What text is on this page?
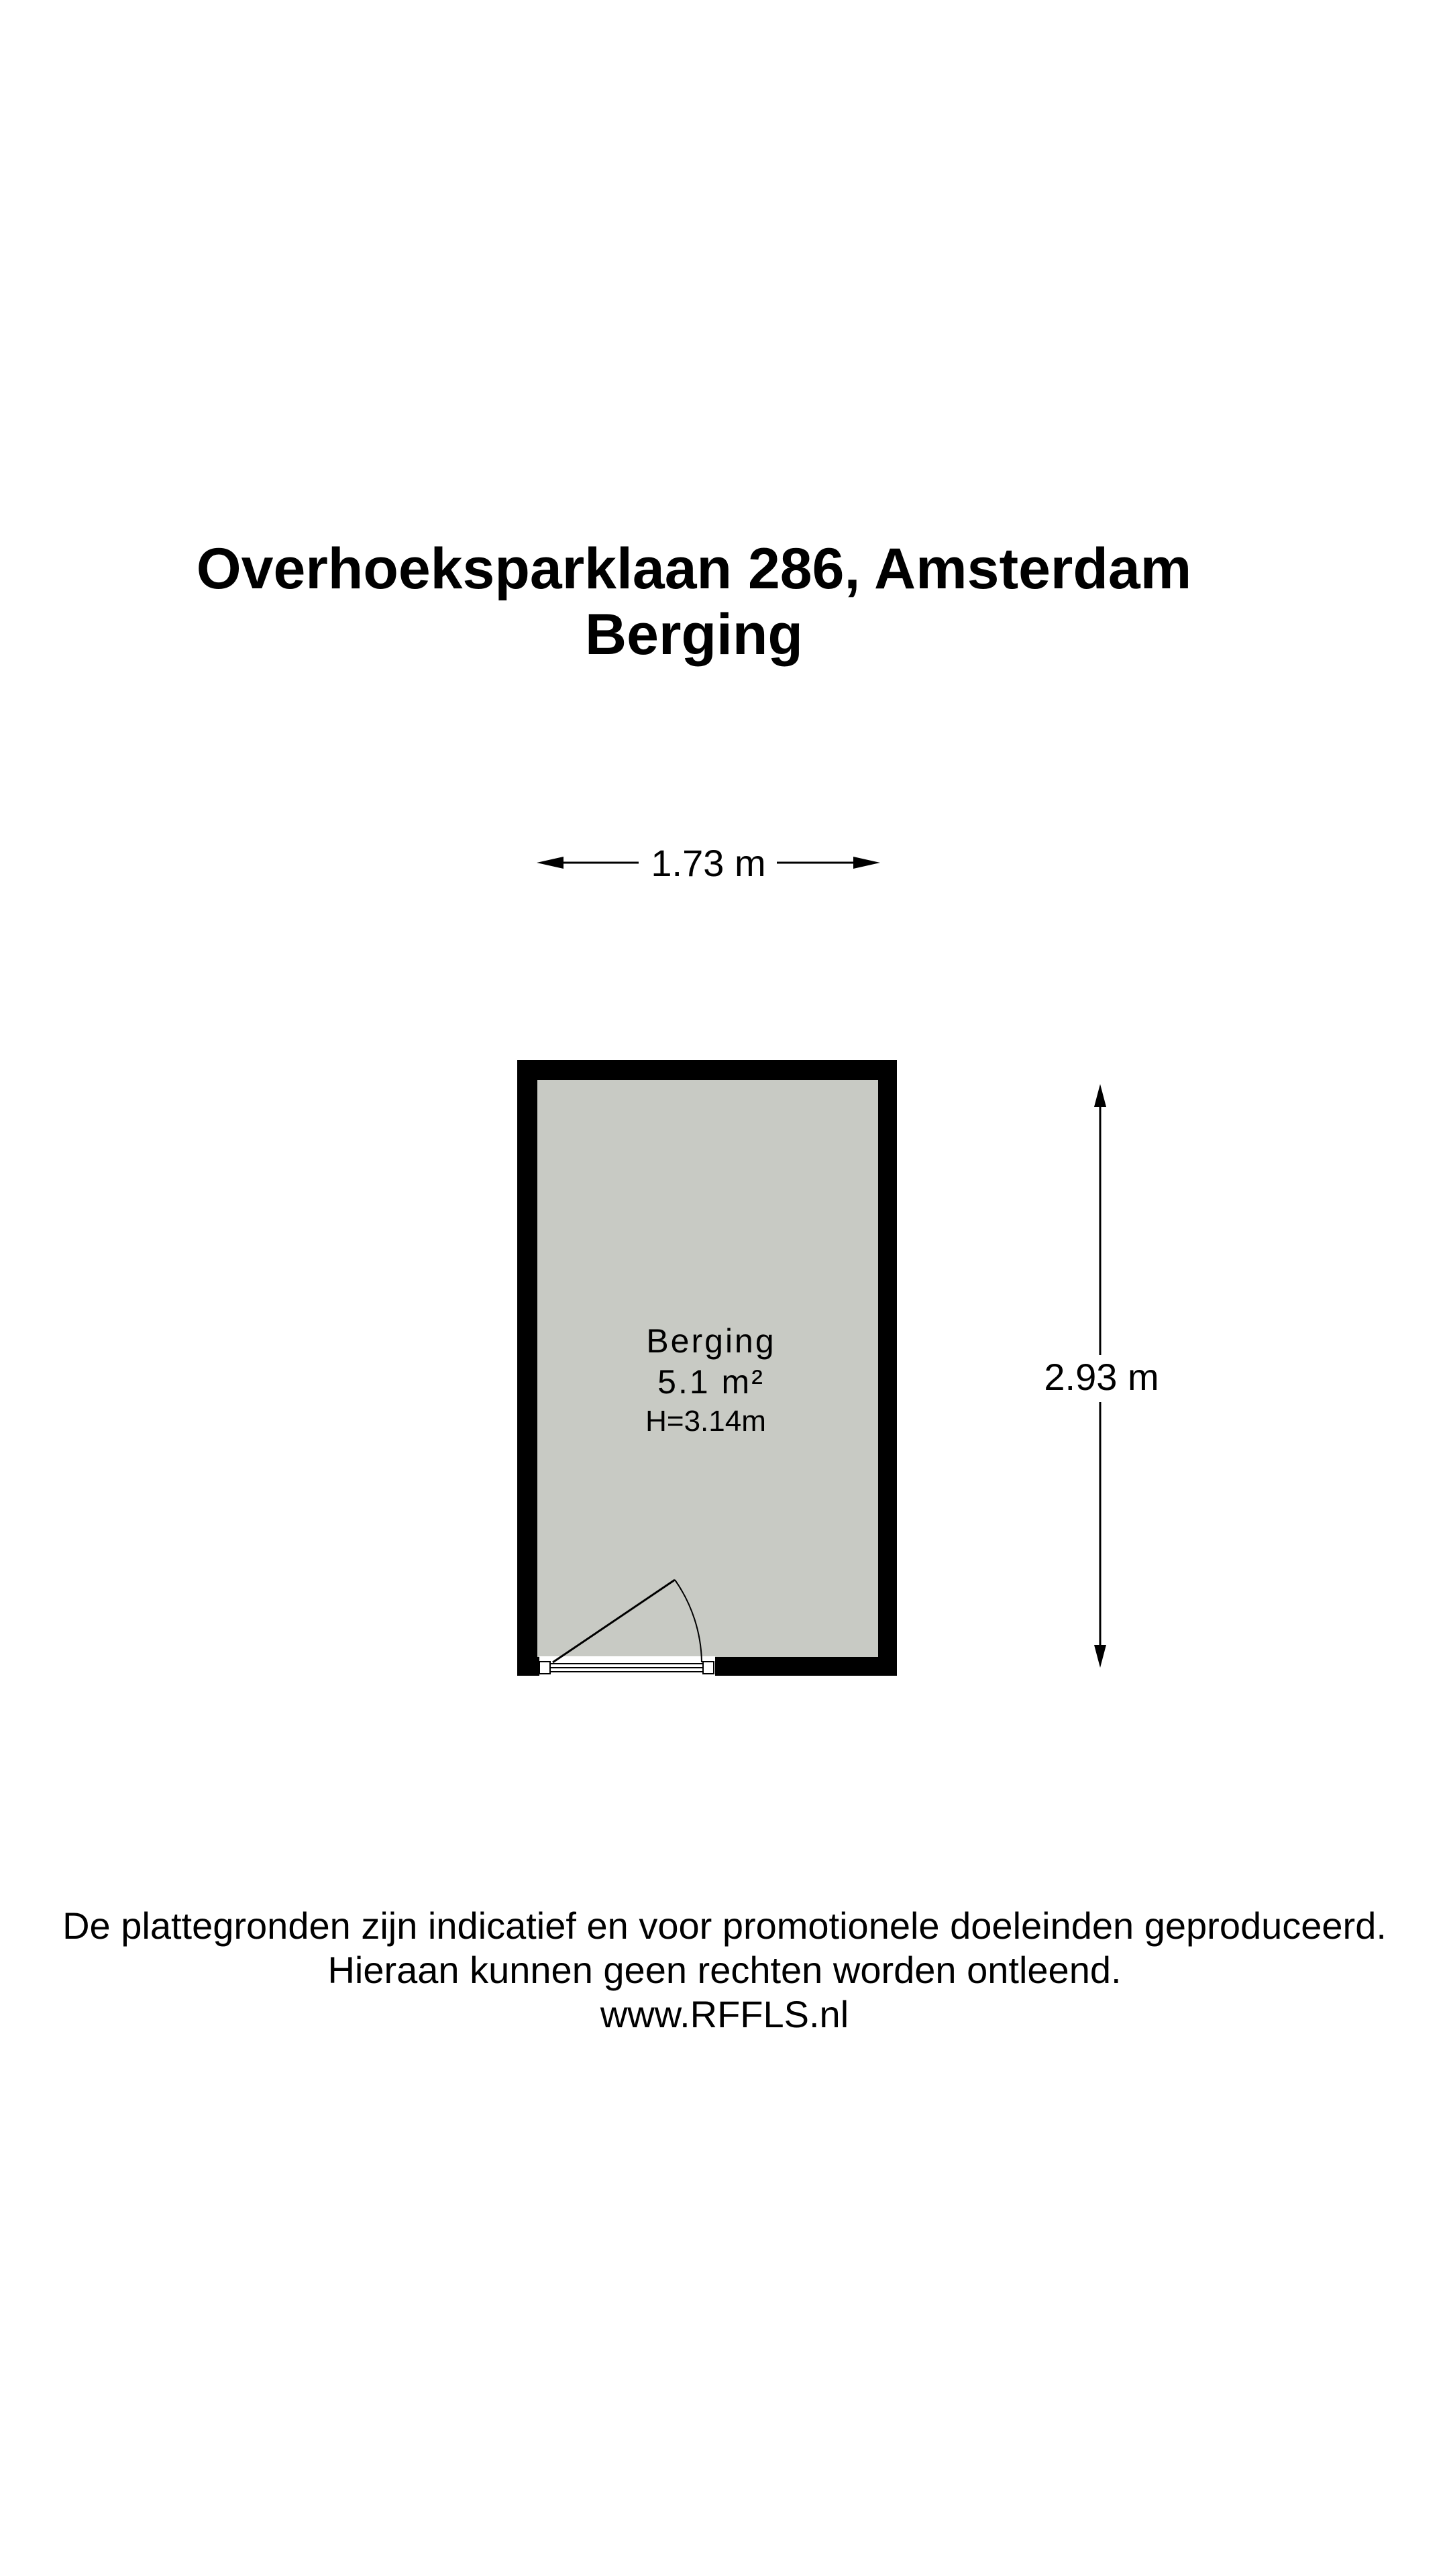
Overhoeksparklaan 286, Amsterdam
Berging
1.73 m
Berging
5.1 m²
H=3.14m
2.93 m
De plattegronden zijn indicatief en voor promotionele doeleinden geproduceerd.
Hieraan kunnen geen rechten worden ontleend.
www.RFFLS.nl
